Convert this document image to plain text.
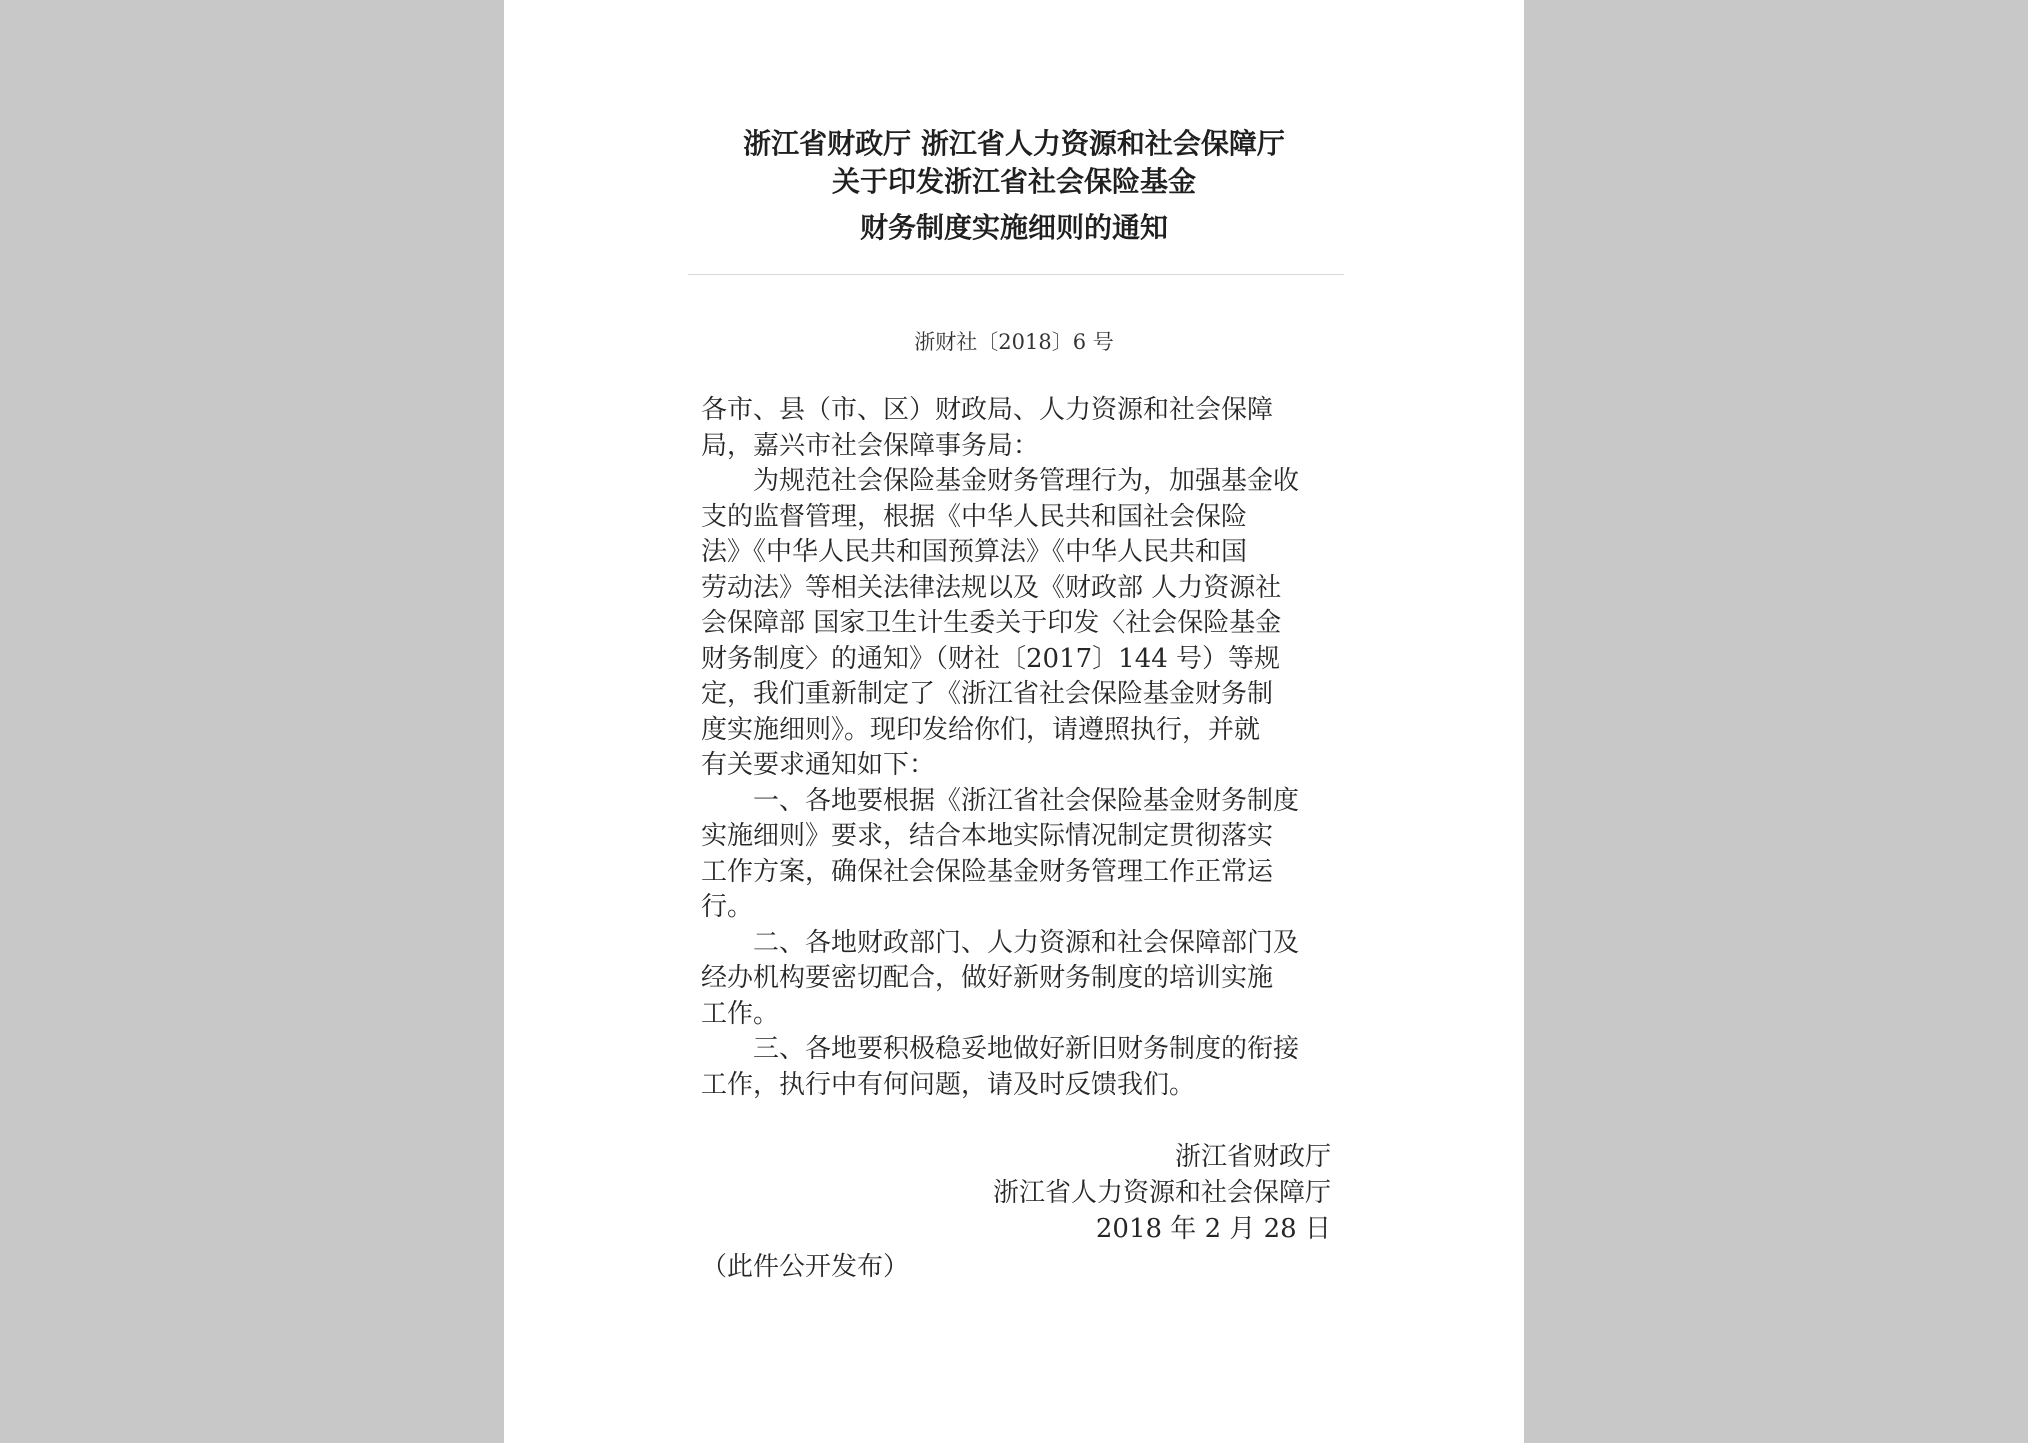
浙江省财政厅 浙江省人力资源和社会保障厅
关于印发浙江省社会保险基金
财务制度实施细则的通知
浙财社〔2018〕6 号

各市、县（市、区）财政局、人力资源和社会保障

局，嘉兴市社会保障事务局：

为规范社会保险基金财务管理行为，加强基金收

支的监督管理，根据《中华人民共和国社会保险

法》《中华人民共和国预算法》《中华人民共和国

劳动法》等相关法律法规以及《财政部 人力资源社

会保障部 国家卫生计生委关于印发〈社会保险基金

财务制度〉的通知》（财社〔2017〕144 号）等规

定，我们重新制定了《浙江省社会保险基金财务制

度实施细则》。现印发给你们，请遵照执行，并就

有关要求通知如下：

一、各地要根据《浙江省社会保险基金财务制度

实施细则》要求，结合本地实际情况制定贯彻落实

工作方案，确保社会保险基金财务管理工作正常运

行。

二、各地财政部门、人力资源和社会保障部门及

经办机构要密切配合，做好新财务制度的培训实施

工作。

三、各地要积极稳妥地做好新旧财务制度的衔接

工作，执行中有何问题，请及时反馈我们。

浙江省财政厅
浙江省人力资源和社会保障厅
2018 年 2 月 28 日
（此件公开发布）
